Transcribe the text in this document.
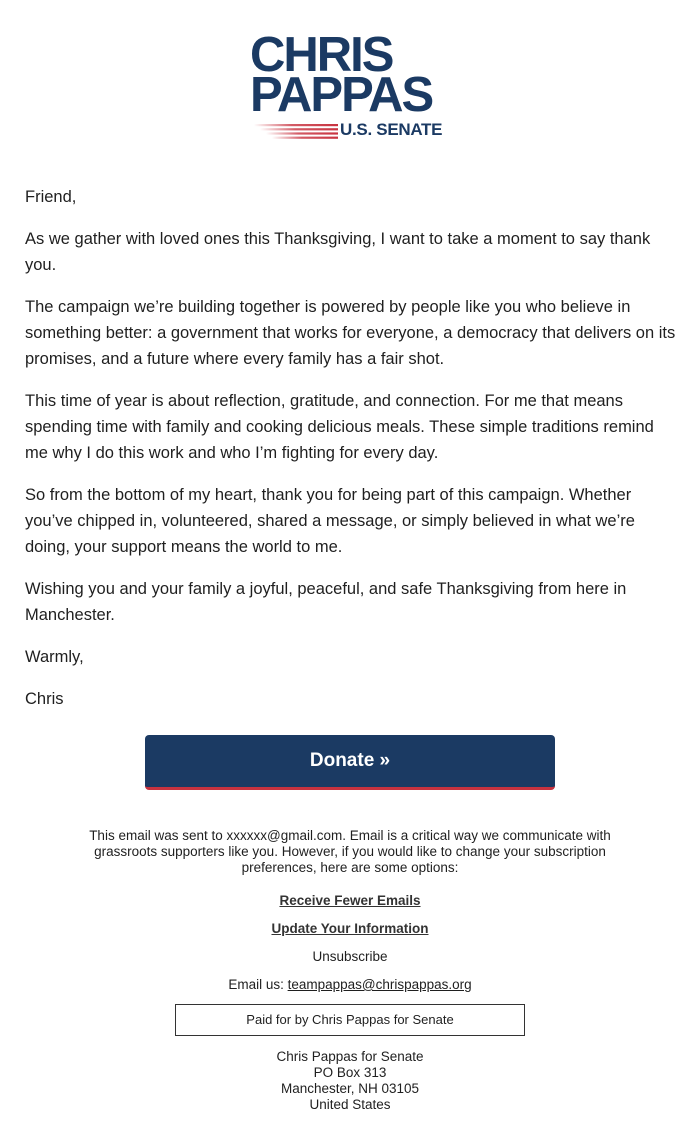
CHRIS
PAPPAS
U.S. SENATE

Friend,

As we gather with loved ones this Thanksgiving, I want to take a moment to say thank you.

The campaign we’re building together is powered by people like you who believe in something better: a government that works for everyone, a democracy that delivers on its promises, and a future where every family has a fair shot.

This time of year is about reflection, gratitude, and connection. For me that means spending time with family and cooking delicious meals. These simple traditions remind me why I do this work and who I’m fighting for every day.

So from the bottom of my heart, thank you for being part of this campaign. Whether you’ve chipped in, volunteered, shared a message, or simply believed in what we’re doing, your support means the world to me.

Wishing you and your family a joyful, peaceful, and safe Thanksgiving from here in Manchester.

Warmly,

Chris

Donate »

This email was sent to xxxxxx@gmail.com. Email is a critical way we communicate with grassroots supporters like you. However, if you would like to change your subscription preferences, here are some options:

Receive Fewer Emails
Update Your Information
Unsubscribe
Email us: teampappas@chrispappas.org
Paid for by Chris Pappas for Senate
Chris Pappas for Senate
PO Box 313
Manchester, NH 03105
United States
